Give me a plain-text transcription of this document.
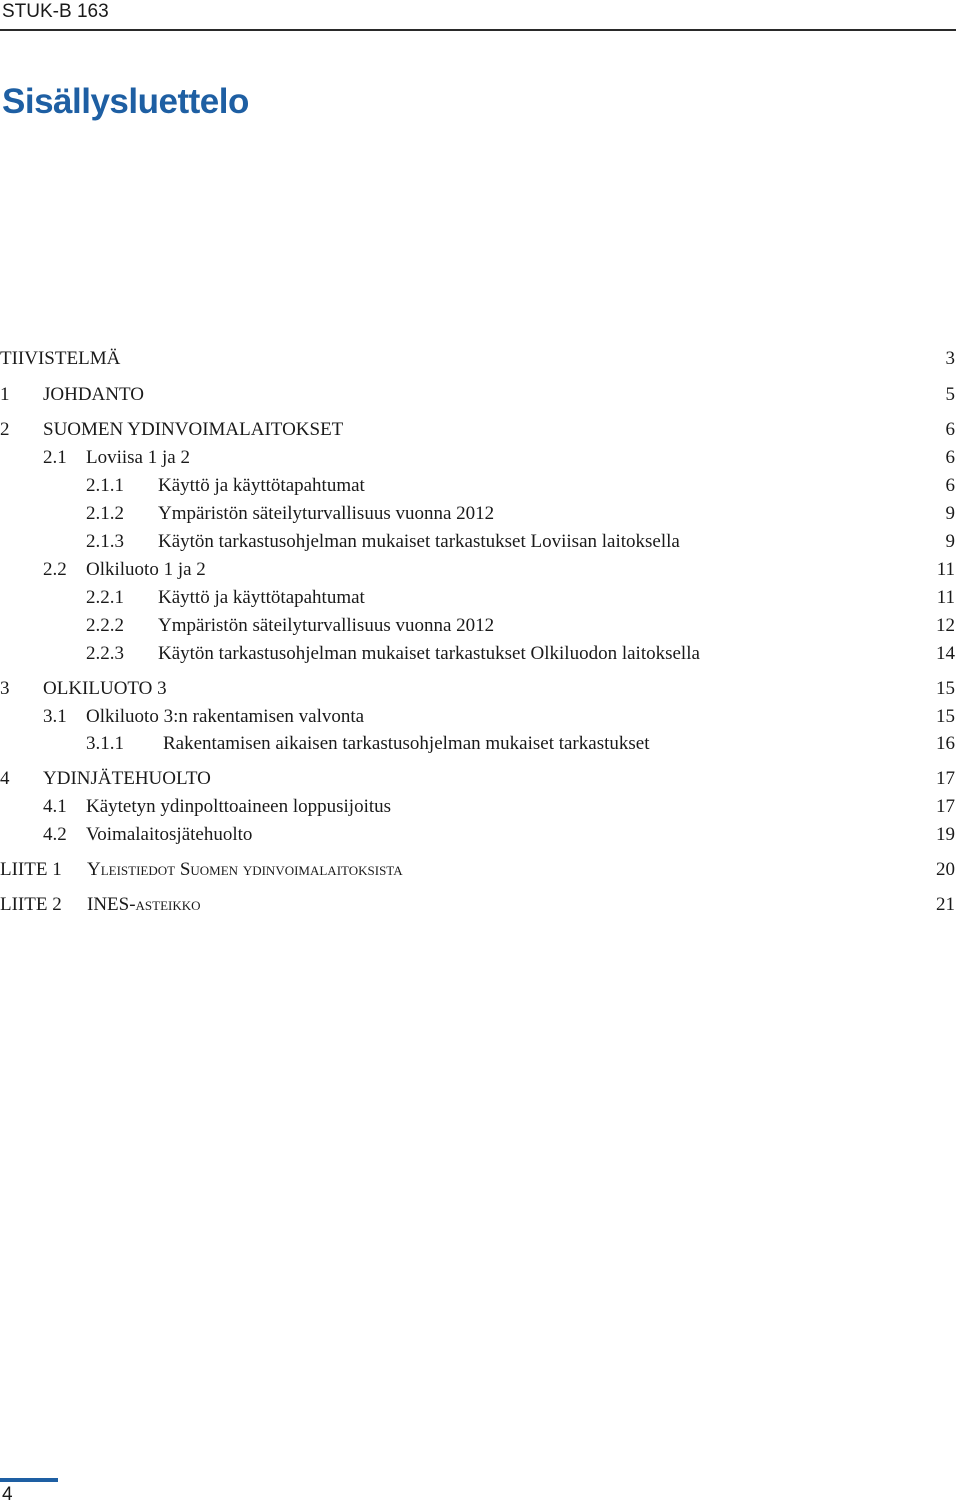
STUK-B 163
Sisällysluettelo
TIIVISTELMÄ	3
1 JOHDANTO	5
2 SUOMEN YDINVOIMALAITOKSET	6
2.1 Loviisa 1 ja 2	6
2.1.1 Käyttö ja käyttötapahtumat	6
2.1.2 Ympäristön säteilyturvallisuus vuonna 2012	9
2.1.3 Käytön tarkastusohjelman mukaiset tarkastukset Loviisan laitoksella	9
2.2 Olkiluoto 1 ja 2	11
2.2.1 Käyttö ja käyttötapahtumat	11
2.2.2 Ympäristön säteilyturvallisuus vuonna 2012	12
2.2.3 Käytön tarkastusohjelman mukaiset tarkastukset Olkiluodon laitoksella	14
3 OLKILUOTO 3	15
3.1 Olkiluoto 3:n rakentamisen valvonta	15
3.1.1 Rakentamisen aikaisen tarkastusohjelman mukaiset tarkastukset	16
4 YDINJÄTEHUOLTO	17
4.1 Käytetyn ydinpolttoaineen loppusijoitus	17
4.2 Voimalaitosjätehuolto	19
LIITE 1 Yleistiedot Suomen ydinvoimalaitoksista	20
LIITE 2 INES-asteikko	21
4
